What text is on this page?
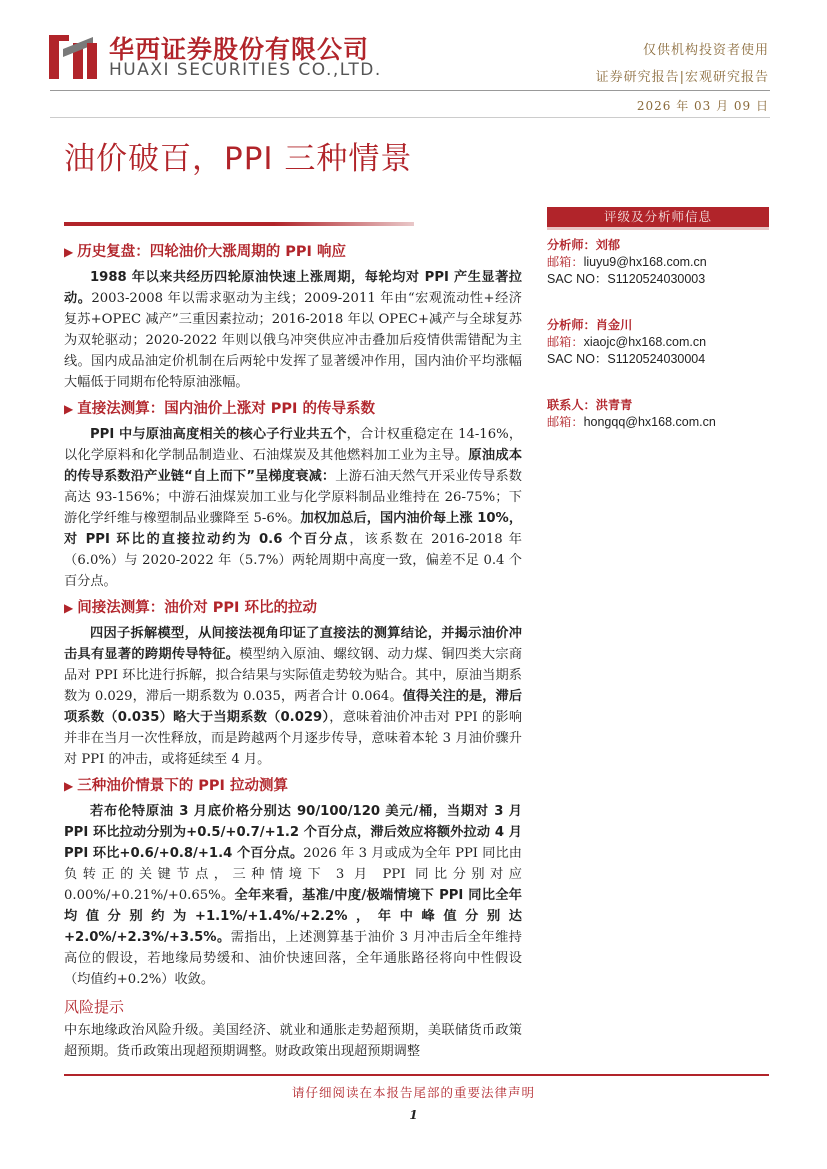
华西证券股份有限公司
HUAXI SECURITIES CO.,LTD.
仅供机构投资者使用
证券研究报告|宏观研究报告
2026 年 03 月 09 日
油价破百，PPI 三种情景
▶ 历史复盘：四轮油价大涨周期的 PPI 响应

1988 年以来共经历四轮原油快速上涨周期，每轮均对 PPI 产生显著拉动。2003-2008 年以需求驱动为主线；2009-2011 年由“宏观流动性+经济复苏+OPEC 减产”三重因素拉动；2016-2018 年以 OPEC+减产与全球复苏为双轮驱动；2020-2022 年则以俄乌冲突供应冲击叠加后疫情供需错配为主线。国内成品油定价机制在后两轮中发挥了显著缓冲作用，国内油价平均涨幅大幅低于同期布伦特原油涨幅。

▶ 直接法测算：国内油价上涨对 PPI 的传导系数

PPI 中与原油高度相关的核心子行业共五个，合计权重稳定在 14-16%，以化学原料和化学制品制造业、石油煤炭及其他燃料加工业为主导。原油成本的传导系数沿产业链“自上而下”呈梯度衰减：上游石油天然气开采业传导系数高达 93-156%；中游石油煤炭加工业与化学原料制品业维持在 26-75%；下游化学纤维与橡塑制品业骤降至 5-6%。加权加总后，国内油价每上涨 10%，对 PPI 环比的直接拉动约为 0.6 个百分点，该系数在 2016-2018 年（6.0%）与 2020-2022 年（5.7%）两轮周期中高度一致，偏差不足 0.4 个百分点。

▶ 间接法测算：油价对 PPI 环比的拉动

四因子拆解模型，从间接法视角印证了直接法的测算结论，并揭示油价冲击具有显著的跨期传导特征。模型纳入原油、螺纹钢、动力煤、铜四类大宗商品对 PPI 环比进行拆解，拟合结果与实际值走势较为贴合。其中，原油当期系数为 0.029，滞后一期系数为 0.035，两者合计 0.064。值得关注的是，滞后项系数（0.035）略大于当期系数（0.029），意味着油价冲击对 PPI 的影响并非在当月一次性释放，而是跨越两个月逐步传导，意味着本轮 3 月油价骤升对 PPI 的冲击，或将延续至 4 月。

▶ 三种油价情景下的 PPI 拉动测算

若布伦特原油 3 月底价格分别达 90/100/120 美元/桶，当期对 3 月 PPI 环比拉动分别为+0.5/+0.7/+1.2 个百分点，滞后效应将额外拉动 4 月 PPI 环比+0.6/+0.8/+1.4 个百分点。2026 年 3 月或成为全年 PPI 同比由负转正的关键节点，三种情境下 3 月 PPI 同比分别对应 0.00%/+0.21%/+0.65%。全年来看，基准/中度/极端情境下 PPI 同比全年均值分别约为+1.1%/+1.4%/+2.2%，年中峰值分别达+2.0%/+2.3%/+3.5%。需指出，上述测算基于油价 3 月冲击后全年维持高位的假设，若地缘局势缓和、油价快速回落，全年通胀路径将向中性假设（均值约+0.2%）收敛。

风险提示

中东地缘政治风险升级。美国经济、就业和通胀走势超预期，美联储货币政策超预期。货币政策出现超预期调整。财政政策出现超预期调整

评级及分析师信息
分析师：刘郁
邮箱：liuyu9@hx168.com.cn
SAC NO：S1120524030003
分析师：肖金川
邮箱：xiaojc@hx168.com.cn
SAC NO：S1120524030004
联系人：洪青青
邮箱：hongqq@hx168.com.cn
请仔细阅读在本报告尾部的重要法律声明
1
